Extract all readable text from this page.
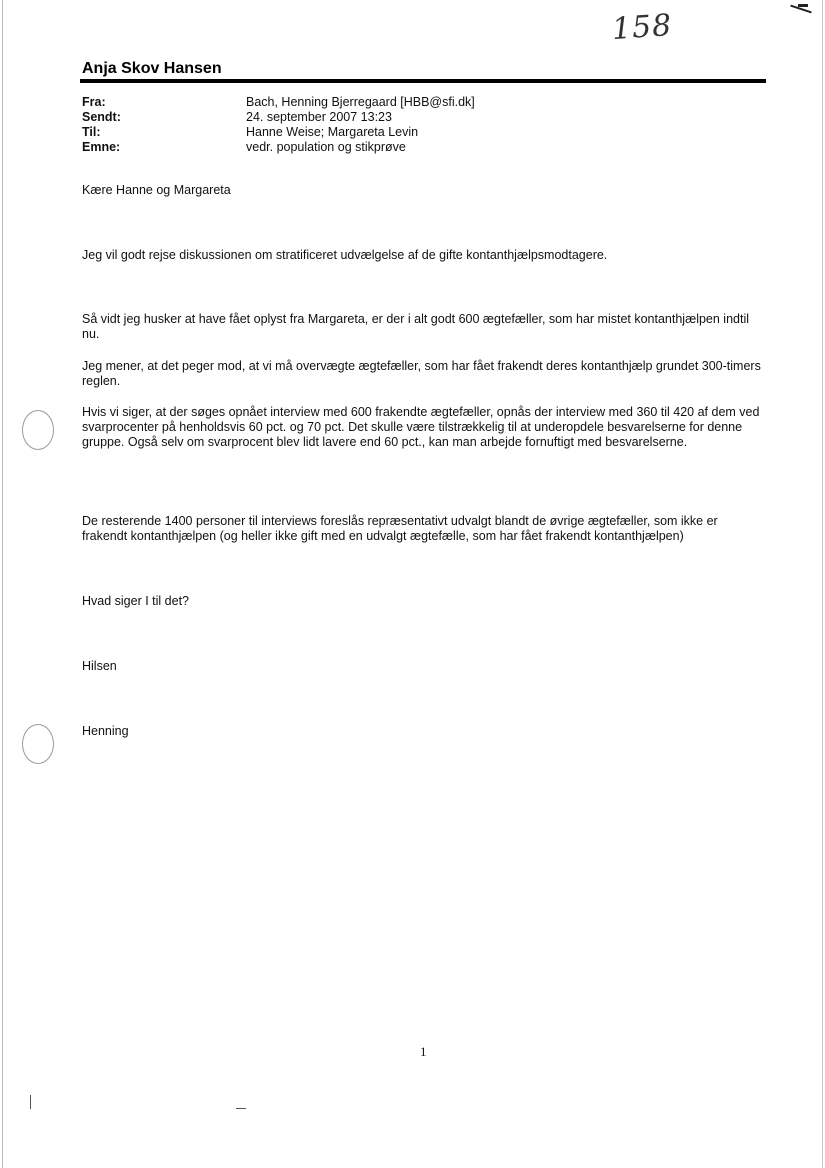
158
Anja Skov Hansen
Fra:	Bach, Henning Bjerregaard [HBB@sfi.dk]
Sendt:	24. september 2007 13:23
Til:	Hanne Weise; Margareta Levin
Emne:	vedr. population og stikprøve

Kære Hanne og Margareta

Jeg vil godt rejse diskussionen om stratificeret udvælgelse af de gifte kontanthjælpsmodtagere.

Så vidt jeg husker at have fået oplyst fra Margareta, er der i alt godt 600 ægtefæller, som har mistet kontanthjælpen indtil nu.

Jeg mener, at det peger mod, at vi må overvægte ægtefæller, som har fået frakendt deres kontanthjælp grundet 300-timers reglen.

Hvis vi siger, at der søges opnået interview med 600 frakendte ægtefæller, opnås der interview med 360 til 420 af dem ved svarprocenter på henholdsvis 60 pct. og 70 pct. Det skulle være tilstrækkelig til at underopdele besvarelserne for denne gruppe. Også selv om svarprocent blev lidt lavere end 60 pct., kan man arbejde fornuftigt med besvarelserne.

De resterende 1400 personer til interviews foreslås repræsentativt udvalgt blandt de øvrige ægtefæller, som ikke er frakendt kontanthjælpen (og heller ikke gift med en udvalgt ægtefælle, som har fået frakendt kontanthjælpen)

Hvad siger I til det?

Hilsen

Henning

1
